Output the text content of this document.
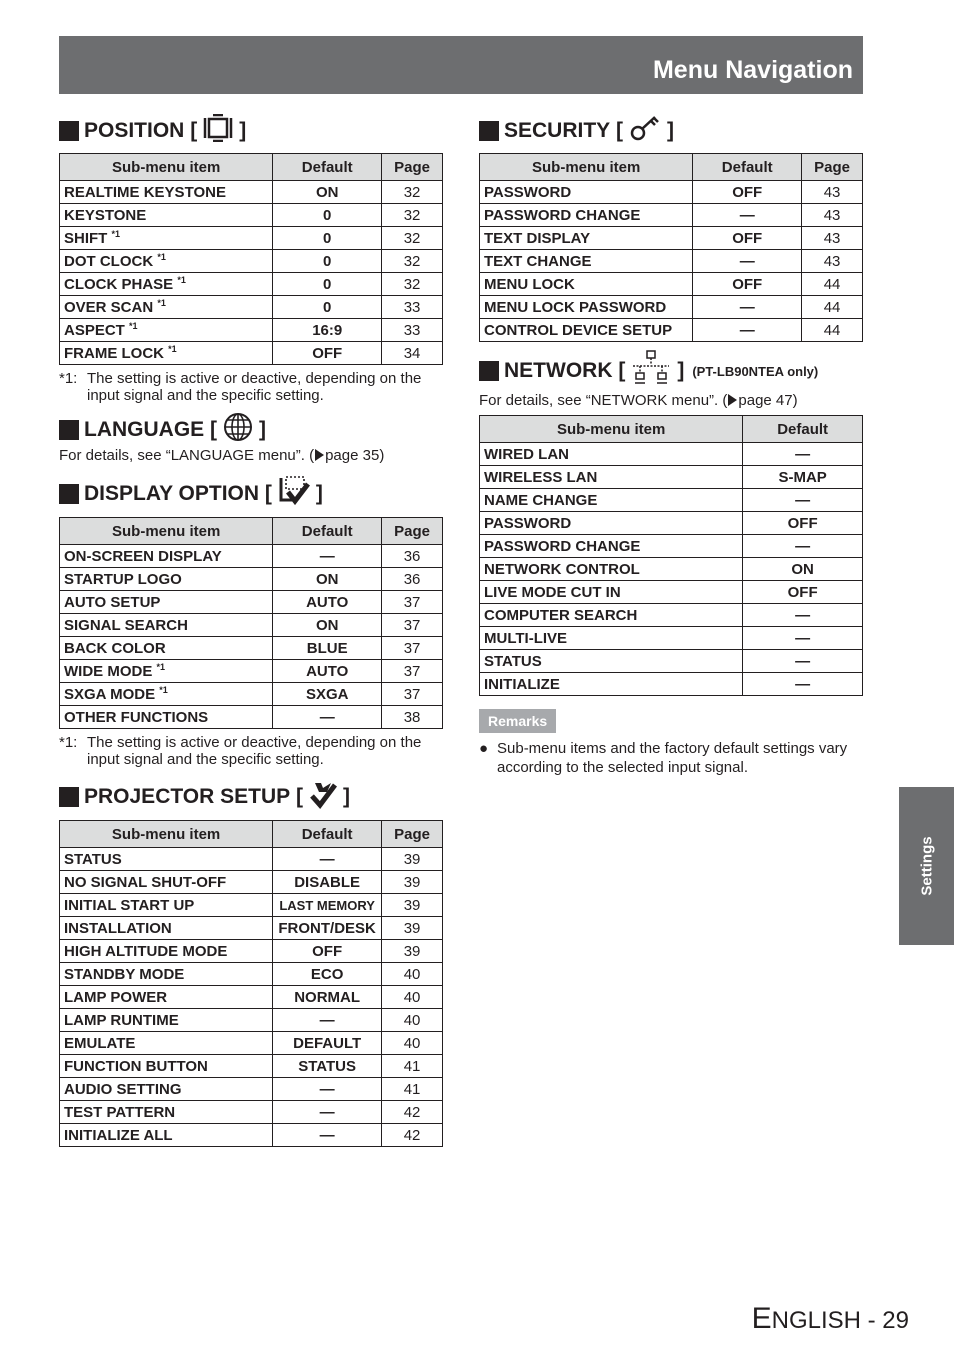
Menu Navigation
POSITION [ ]
Sub-menu item	Default	Page
REALTIME KEYSTONE	ON	32
KEYSTONE	0	32
SHIFT $^{*1}$	0	32
DOT CLOCK $^{*1}$	0	32
CLOCK PHASE $^{*1}$	0	32
OVER SCAN $^{*1}$	0	33
ASPECT $^{*1}$	16:9	33
FRAME LOCK $^{*1}$	OFF	34
*1: The setting is active or deactive, depending on the input signal and the specific setting.
LANGUAGE [ ]
For details, see “LANGUAGE menu”. ( page 35)
DISPLAY OPTION [ ]
Sub-menu item	Default	Page
ON-SCREEN DISPLAY	—	36
STARTUP LOGO	ON	36
AUTO SETUP	AUTO	37
SIGNAL SEARCH	ON	37
BACK COLOR	BLUE	37
WIDE MODE $^{*1}$	AUTO	37
SXGA MODE $^{*1}$	SXGA	37
OTHER FUNCTIONS	—	38
*1: The setting is active or deactive, depending on the input signal and the specific setting.
PROJECTOR SETUP [ ]
Sub-menu item	Default	Page
STATUS	—	39
NO SIGNAL SHUT-OFF	DISABLE	39
INITIAL START UP	LAST MEMORY	39
INSTALLATION	FRONT/DESK	39
HIGH ALTITUDE MODE	OFF	39
STANDBY MODE	ECO	40
LAMP POWER	NORMAL	40
LAMP RUNTIME	—	40
EMULATE	DEFAULT	40
FUNCTION BUTTON	STATUS	41
AUDIO SETTING	—	41
TEST PATTERN	—	42
INITIALIZE ALL	—	42
SECURITY [ ]
Sub-menu item	Default	Page
PASSWORD	OFF	43
PASSWORD CHANGE	—	43
TEXT DISPLAY	OFF	43
TEXT CHANGE	—	43
MENU LOCK	OFF	44
MENU LOCK PASSWORD	—	44
CONTROL DEVICE SETUP	—	44
NETWORK [ ] (PT-LB90NTEA only)
For details, see “NETWORK menu”. ( page 47)
Sub-menu item	Default
WIRED LAN	—
WIRELESS LAN	S-MAP
NAME CHANGE	—
PASSWORD	OFF
PASSWORD CHANGE	—
NETWORK CONTROL	ON
LIVE MODE CUT IN	OFF
COMPUTER SEARCH	—
MULTI-LIVE	—
STATUS	—
INITIALIZE	—
Remarks
● Sub-menu items and the factory default settings vary according to the selected input signal.
Settings
ENGLISH - 29
